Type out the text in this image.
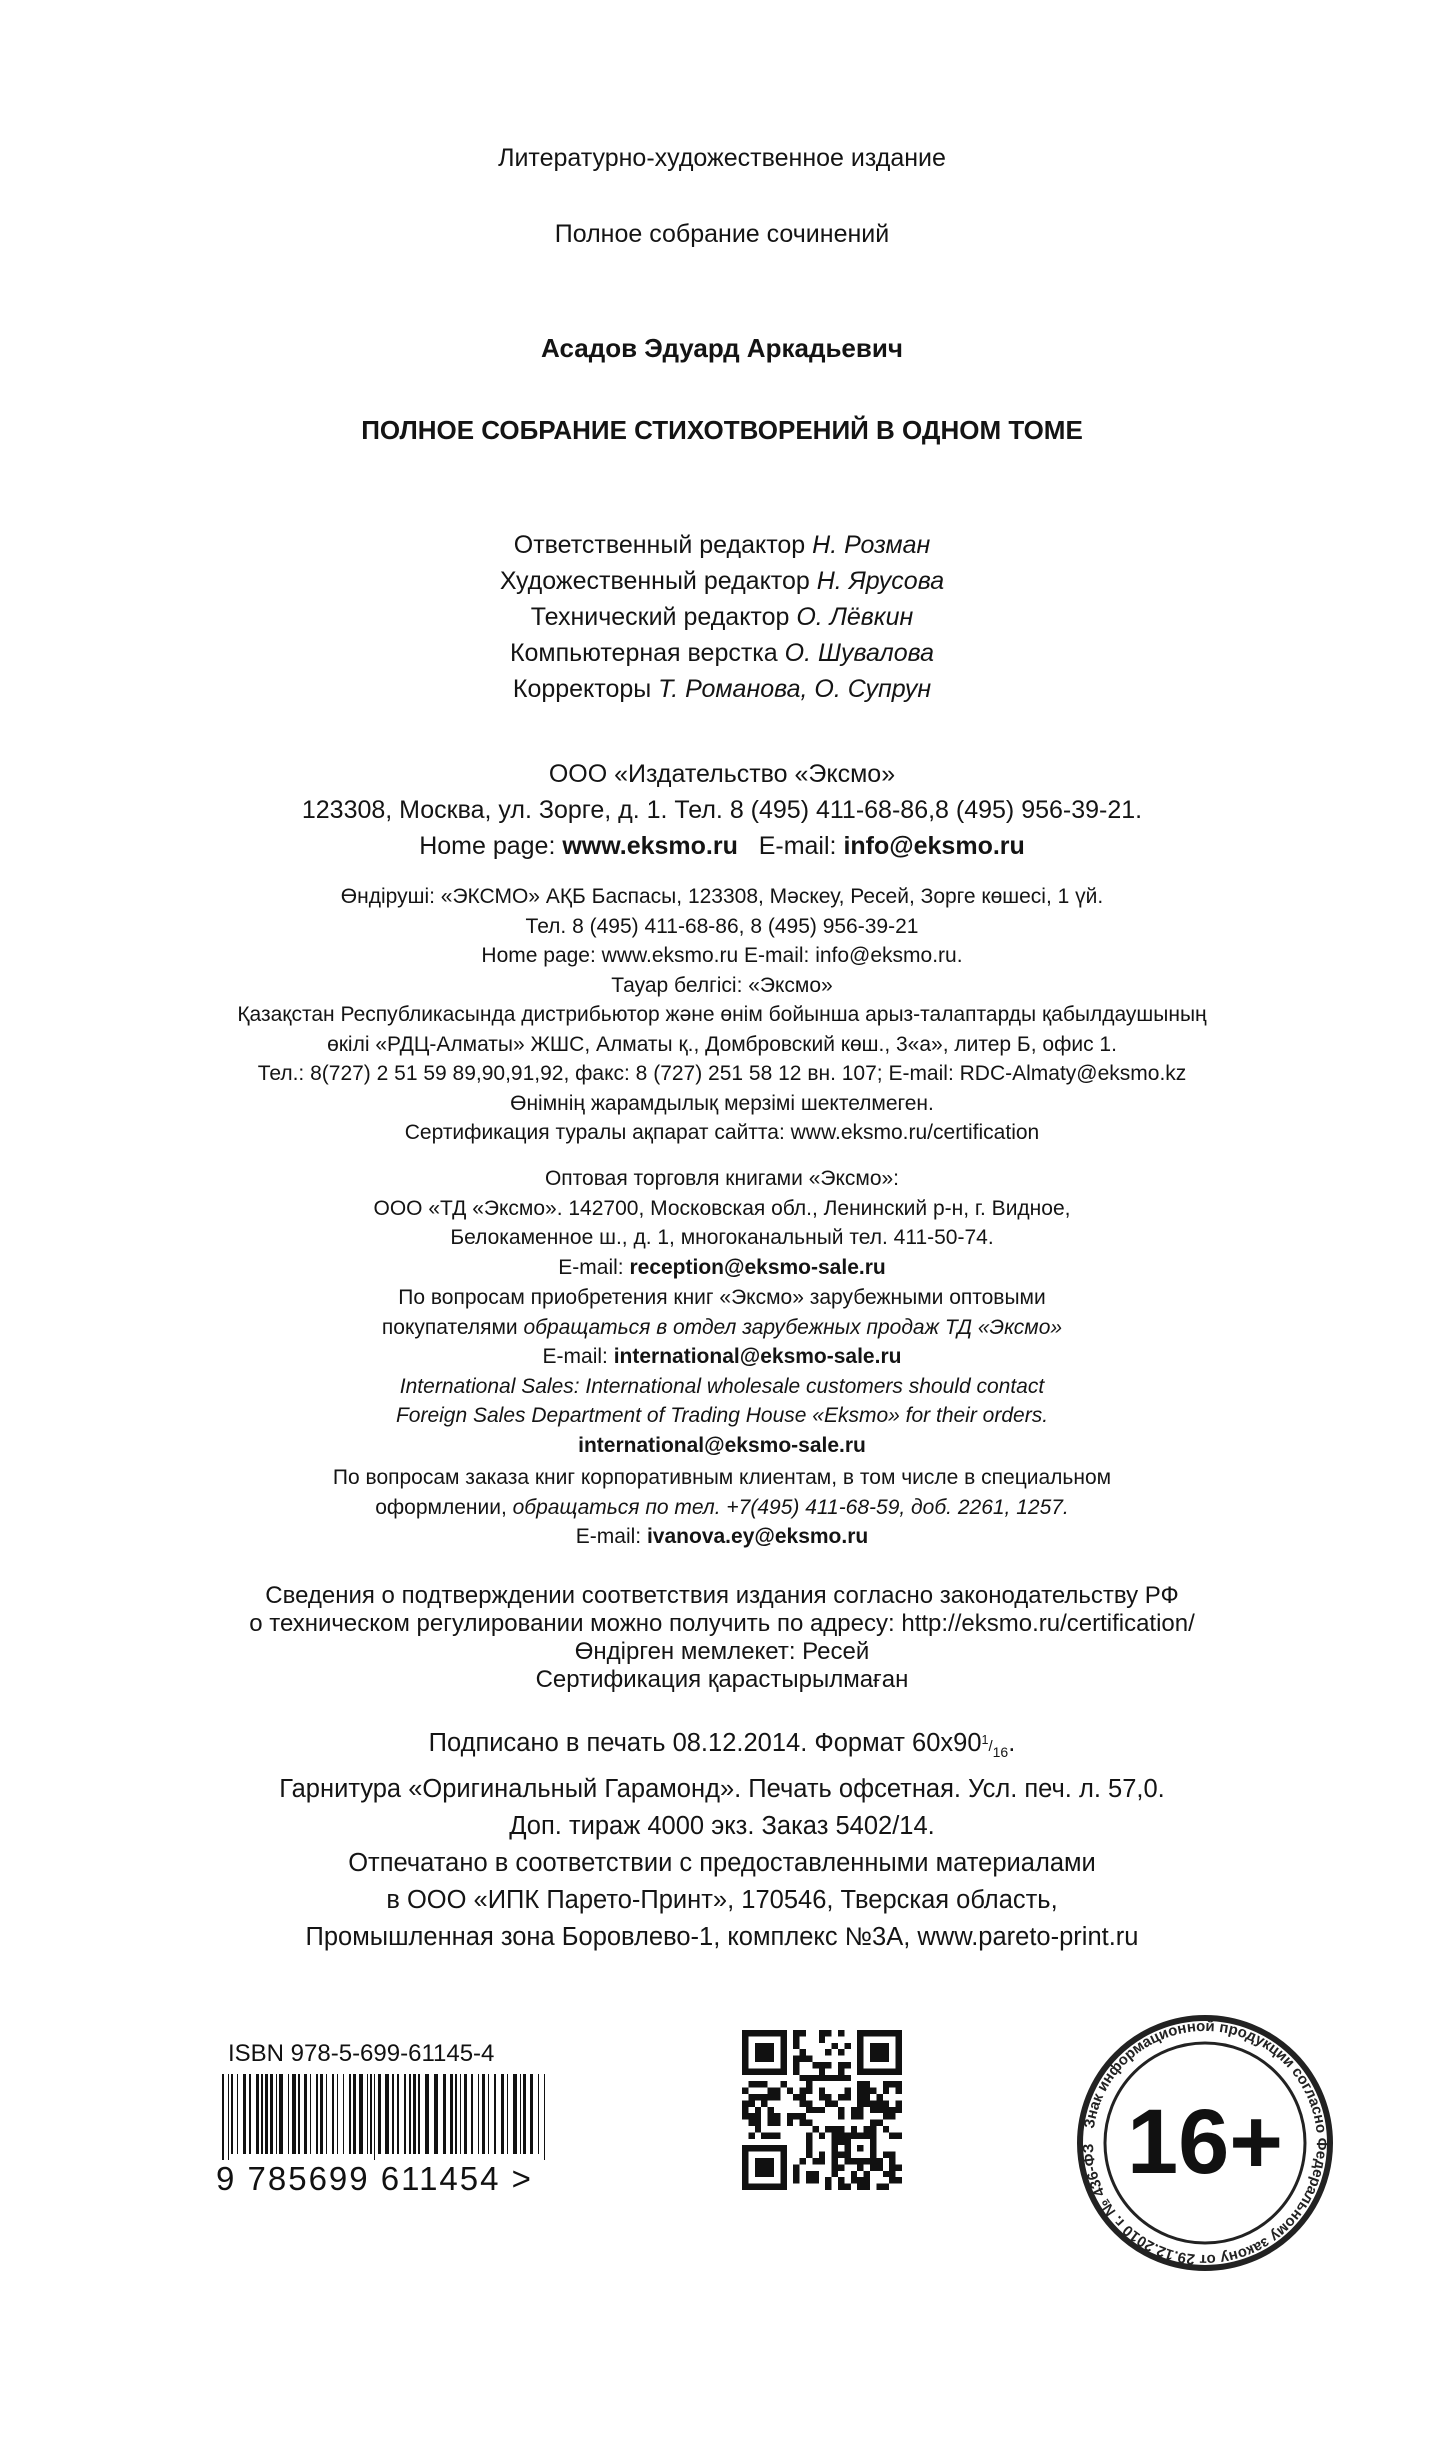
Литературно-художественное издание
Полное собрание сочинений
Асадов Эдуард Аркадьевич
ПОЛНОЕ СОБРАНИЕ СТИХОТВОРЕНИЙ В ОДНОМ ТОМЕ
Ответственный редактор Н. Розман
Художественный редактор Н. Ярусова
Технический редактор О. Лёвкин
Компьютерная верстка О. Шувалова
Корректоры Т. Романова, О. Супрун
ООО «Издательство «Эксмо»
123308, Москва, ул. Зорге, д. 1. Тел. 8 (495) 411-68-86,8 (495) 956-39-21.
Home page: www.eksmo.ru E-mail: info@eksmo.ru
Өндіруші: «ЭКСМО» АҚБ Баспасы, 123308, Мәскеу, Ресей, Зорге көшесі, 1 үй.
Тел. 8 (495) 411-68-86, 8 (495) 956-39-21
Home page: www.eksmo.ru E-mail: info@eksmo.ru.
Тауар белгісі: «Эксмо»
Қазақстан Республикасында дистрибьютор және өнім бойынша арыз-талаптарды қабылдаушының
өкілі «РДЦ-Алматы» ЖШС, Алматы қ., Домбровский көш., 3«а», литер Б, офис 1.
Тел.: 8(727) 2 51 59 89,90,91,92, факс: 8 (727) 251 58 12 вн. 107; E-mail: RDC-Almaty@eksmo.kz
Өнімнің жарамдылық мерзімі шектелмеген.
Сертификация туралы ақпарат сайтта: www.eksmo.ru/certification
Оптовая торговля книгами «Эксмо»:
ООО «ТД «Эксмо». 142700, Московская обл., Ленинский р-н, г. Видное,
Белокаменное ш., д. 1, многоканальный тел. 411-50-74.
E-mail: reception@eksmo-sale.ru
По вопросам приобретения книг «Эксмо» зарубежными оптовыми
покупателями обращаться в отдел зарубежных продаж ТД «Эксмо»
E-mail: international@eksmo-sale.ru
International Sales: International wholesale customers should contact
Foreign Sales Department of Trading House «Eksmo» for their orders.
international@eksmo-sale.ru
По вопросам заказа книг корпоративным клиентам, в том числе в специальном
оформлении, обращаться по тел. +7(495) 411-68-59, доб. 2261, 1257.
E-mail: ivanova.ey@eksmo.ru
Сведения о подтверждении соответствия издания согласно законодательству РФ
о техническом регулировании можно получить по адресу: http://eksmo.ru/certification/
Өндірген мемлекет: Ресей
Сертификация қарастырылмаған
Подписано в печать 08.12.2014. Формат $60х90^1/_{16}$.
Гарнитура «Оригинальный Гарамонд». Печать офсетная. Усл. печ. л. 57,0.
Доп. тираж 4000 экз. Заказ 5402/14.
Отпечатано в соответствии с предоставленными материалами
в ООО «ИПК Парето-Принт», 170546, Тверская область,
Промышленная зона Боровлево-1, комплекс №3А, www.pareto-print.ru
ISBN 978-5-699-61145-4
9 785699 611454 >
Знак информационной продукции согласно Федеральному закону от 29.12.2010 г. № 436-ФЗ 16+
